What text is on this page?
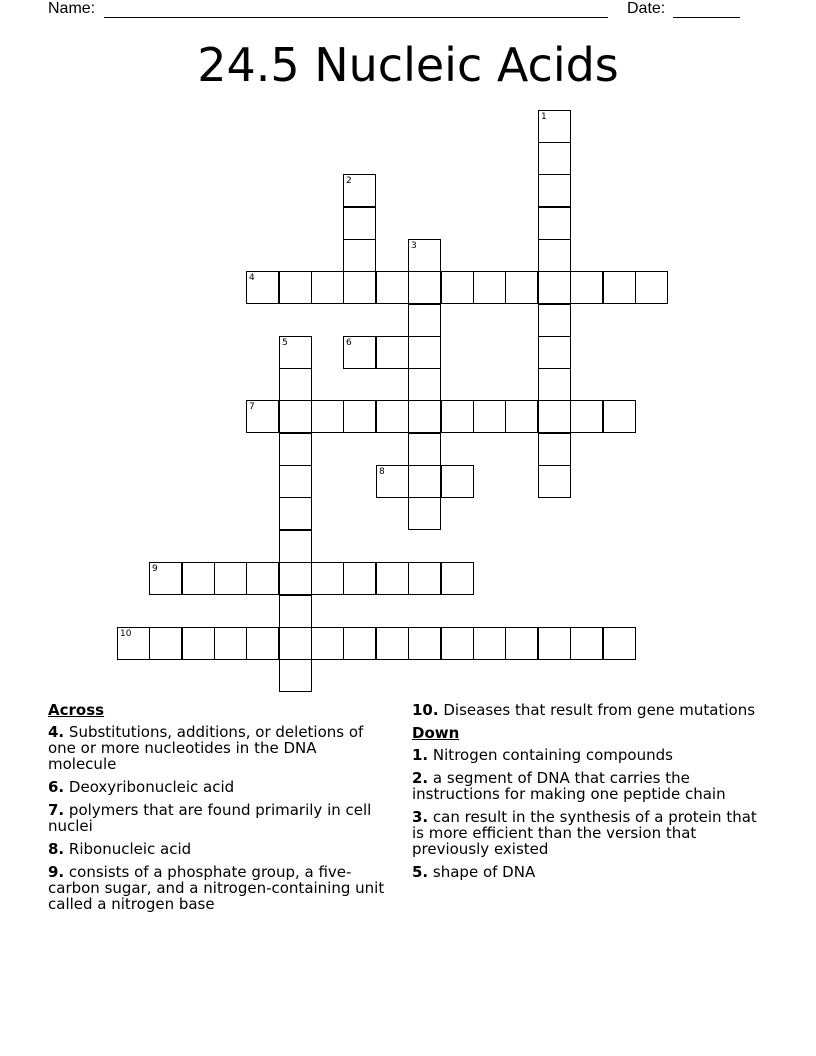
Name:	Date:
24.5 Nucleic Acids
1
2
3
4
5	6
7
8
9
10
Across
4. Substitutions, additions, or deletions of one or more nucleotides in the DNA molecule
6. Deoxyribonucleic acid
7. polymers that are found primarily in cell nuclei
8. Ribonucleic acid
9. consists of a phosphate group, a five-carbon sugar, and a nitrogen-containing unit called a nitrogen base
10. Diseases that result from gene mutations
Down
1. Nitrogen containing compounds
2. a segment of DNA that carries the instructions for making one peptide chain
3. can result in the synthesis of a protein that is more efficient than the version that previously existed
5. shape of DNA
